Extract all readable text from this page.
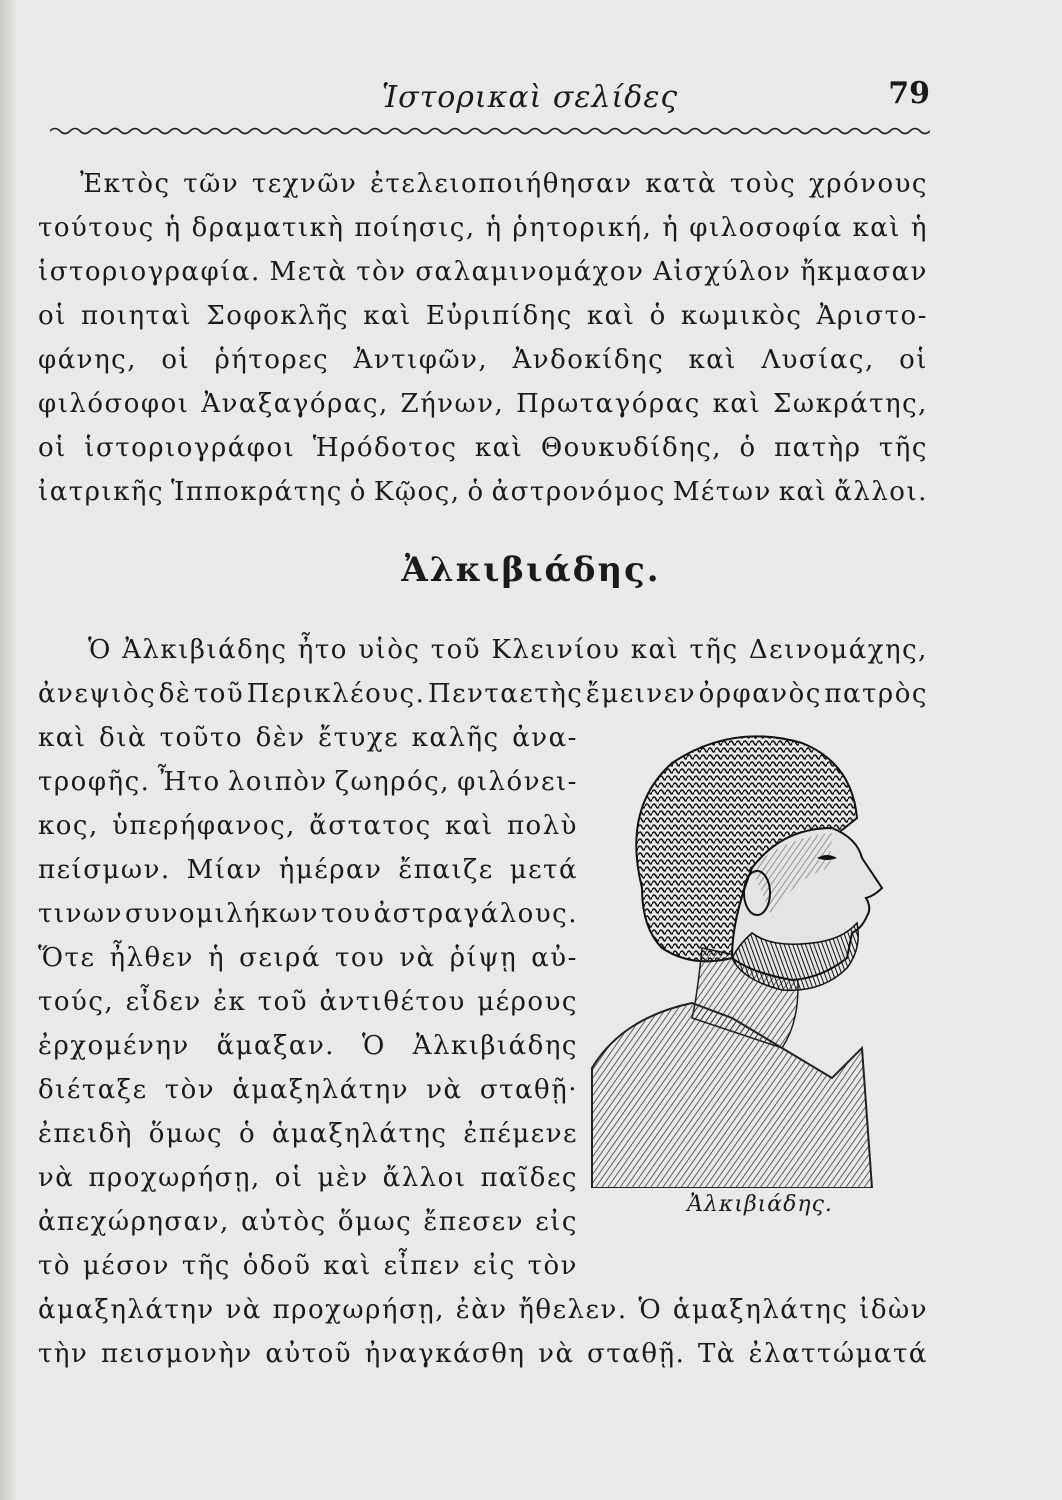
Ἱστορικαὶ σελίδες	79
Ἐκτὸς τῶν τεχνῶν ἐτελειοποιήθησαν κατὰ τοὺς χρόνους
τούτους ἡ δραματικὴ ποίησις, ἡ ῥητορική, ἡ φιλοσοφία καὶ ἡ
ἱστοριογραφία. Μετὰ τὸν σαλαμινομάχον Αἰσχύλον ἤκμασαν
οἱ ποιηταὶ Σοφοκλῆς καὶ Εὐριπίδης καὶ ὁ κωμικὸς Ἀριστο-
φάνης, οἱ ῥήτορες Ἀντιφῶν, Ἀνδοκίδης καὶ Λυσίας, οἱ
φιλόσοφοι Ἀναξαγόρας, Ζήνων, Πρωταγόρας καὶ Σωκράτης,
οἱ ἱστοριογράφοι Ἡρόδοτος καὶ Θουκυδίδης, ὁ πατὴρ τῆς
ἰατρικῆς Ἱπποκράτης ὁ Κῷος, ὁ ἀστρονόμος Μέτων καὶ ἄλλοι.
Ἀλκιβιάδης.
Ὁ Ἀλκιβιάδης ἦτο υἱὸς τοῦ Κλεινίου καὶ τῆς Δεινομάχης,
ἀνεψιὸς δὲ τοῦ Περικλέους. Πενταετὴς ἔμεινεν ὀρφανὸς πατρὸς
καὶ διὰ τοῦτο δὲν ἔτυχε καλῆς ἀνα-
τροφῆς. Ἦτο λοιπὸν ζωηρός, φιλόνει-
κος, ὑπερήφανος, ἄστατος καὶ πολὺ
πείσμων. Μίαν ἡμέραν ἔπαιζε μετά
τινων συνομιλήκων του ἀστραγάλους.
Ὅτε ἦλθεν ἡ σειρά του νὰ ῥίψῃ αὐ-
τούς, εἶδεν ἐκ τοῦ ἀντιθέτου μέρους
ἐρχομένην ἅμαξαν. Ὁ Ἀλκιβιάδης
διέταξε τὸν ἁμαξηλάτην νὰ σταθῇ·
ἐπειδὴ ὅμως ὁ ἁμαξηλάτης ἐπέμενε
νὰ προχωρήσῃ, οἱ μὲν ἄλλοι παῖδες
ἀπεχώρησαν, αὐτὸς ὅμως ἔπεσεν εἰς
τὸ μέσον τῆς ὁδοῦ καὶ εἶπεν εἰς τὸν
ἁμαξηλάτην νὰ προχωρήσῃ, ἐὰν ἤθελεν. Ὁ ἁμαξηλάτης ἰδὼν
τὴν πεισμονὴν αὐτοῦ ἠναγκάσθη νὰ σταθῇ. Τὰ ἐλαττώματά
Ἀλκιβιάδης.
